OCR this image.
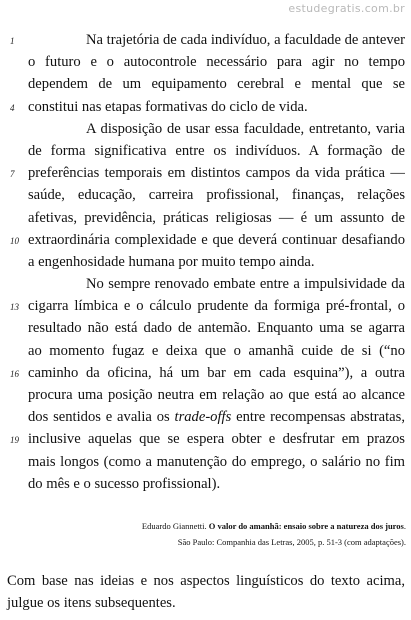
estudegratis.com.br
1	Na trajetória de cada indivíduo, a faculdade de antever
o futuro e o autocontrole necessário para agir no tempo
dependem de um equipamento cerebral e mental que se
4 constitui nas etapas formativas do ciclo de vida.
A disposição de usar essa faculdade, entretanto, varia
de forma significativa entre os indivíduos. A formação de
7 preferências temporais em distintos campos da vida prática —
saúde, educação, carreira profissional, finanças, relações
afetivas, previdência, práticas religiosas — é um assunto de
10 extraordinária complexidade e que deverá continuar desafiando
a engenhosidade humana por muito tempo ainda.
No sempre renovado embate entre a impulsividade da
13 cigarra límbica e o cálculo prudente da formiga pré-frontal, o
resultado não está dado de antemão. Enquanto uma se agarra
ao momento fugaz e deixa que o amanhã cuide de si (“no
16 caminho da oficina, há um bar em cada esquina”), a outra
procura uma posição neutra em relação ao que está ao alcance
dos sentidos e avalia os trade-offs entre recompensas abstratas,
19 inclusive aquelas que se espera obter e desfrutar em prazos
mais longos (como a manutenção do emprego, o salário no fim
do mês e o sucesso profissional).
Eduardo Giannetti. O valor do amanhã: ensaio sobre a natureza dos juros. São Paulo: Companhia das Letras, 2005, p. 51-3 (com adaptações).
Com base nas ideias e nos aspectos linguísticos do texto acima, julgue os itens subsequentes.
